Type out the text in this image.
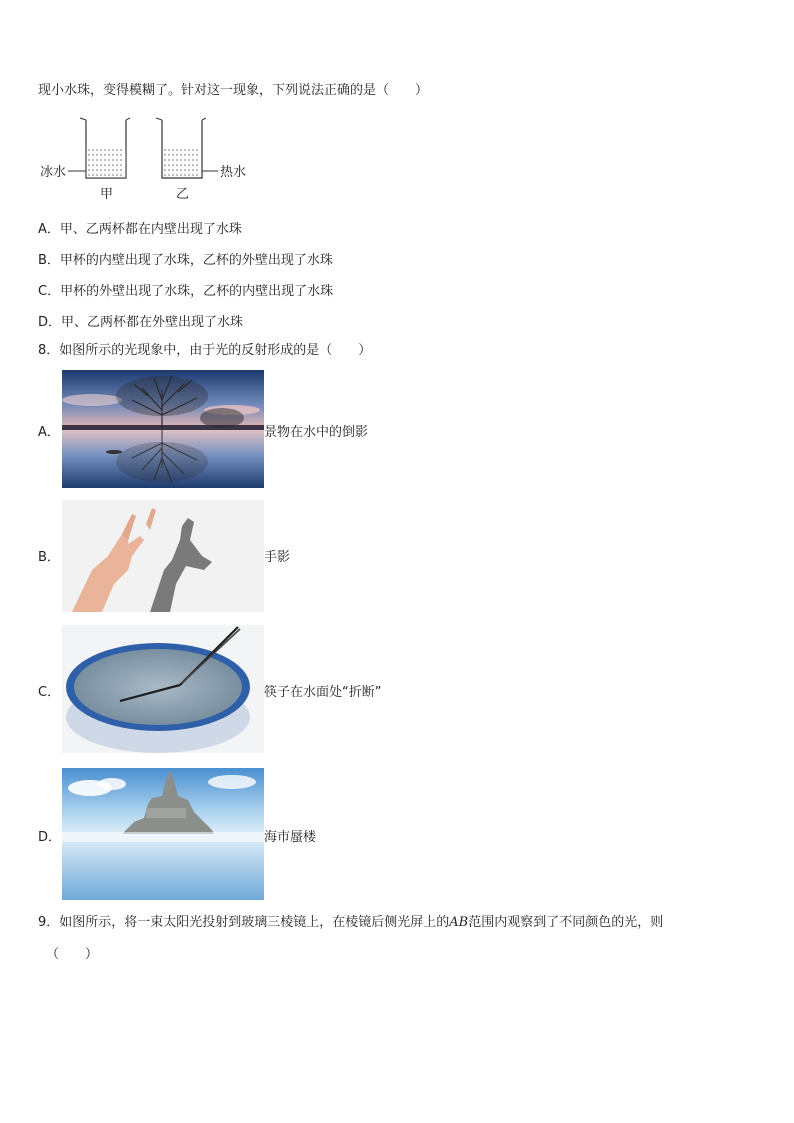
现小水珠，变得模糊了。针对这一现象，下列说法正确的是（　　）
冰水	热水
甲	乙
A．甲、乙两杯都在内壁出现了水珠
B．甲杯的内壁出现了水珠，乙杯的外壁出现了水珠
C．甲杯的外壁出现了水珠，乙杯的内壁出现了水珠
D．甲、乙两杯都在外壁出现了水珠
8．如图所示的光现象中，由于光的反射形成的是（　　）
A．	景物在水中的倒影
B．	手影
C．	筷子在水面处“折断”
D．	海市蜃楼
9．如图所示，将一束太阳光投射到玻璃三棱镜上，在棱镜后侧光屏上的AB范围内观察到了不同颜色的光，则
（　　）
